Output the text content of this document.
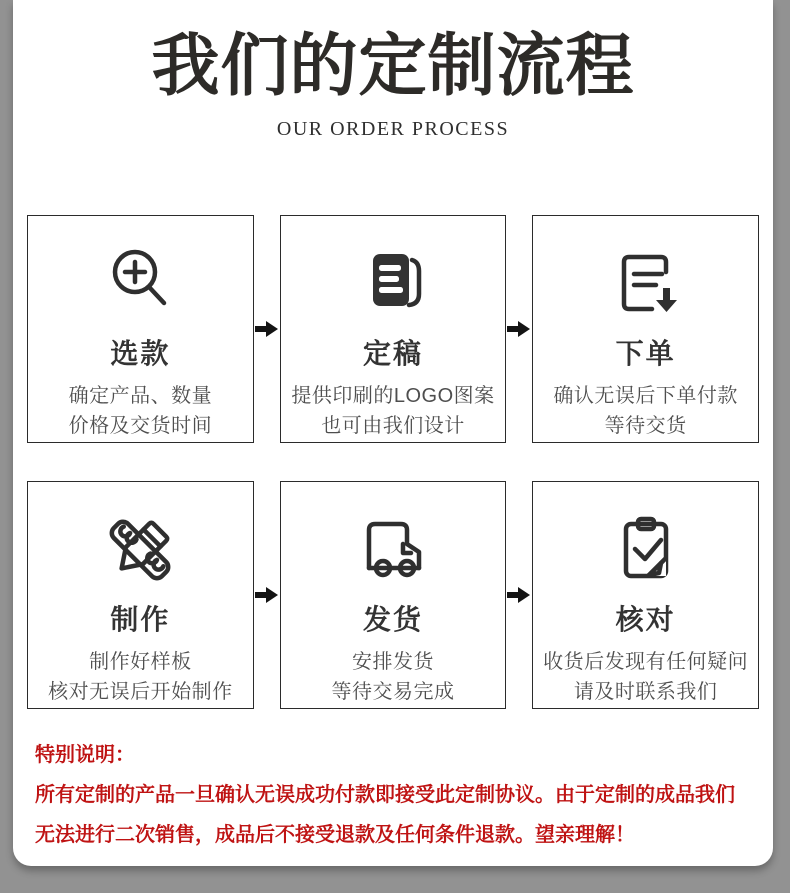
我们的定制流程
OUR ORDER PROCESS
选款
确定产品、数量
价格及交货时间
定稿
提供印刷的LOGO图案
也可由我们设计
下单
确认无误后下单付款
等待交货
制作
制作好样板
核对无误后开始制作
发货
安排发货
等待交易完成
核对
收货后发现有任何疑问
请及时联系我们
特别说明：

所有定制的产品一旦确认无误成功付款即接受此定制协议。由于定制的成品我们
无法进行二次销售，成品后不接受退款及任何条件退款。望亲理解！
